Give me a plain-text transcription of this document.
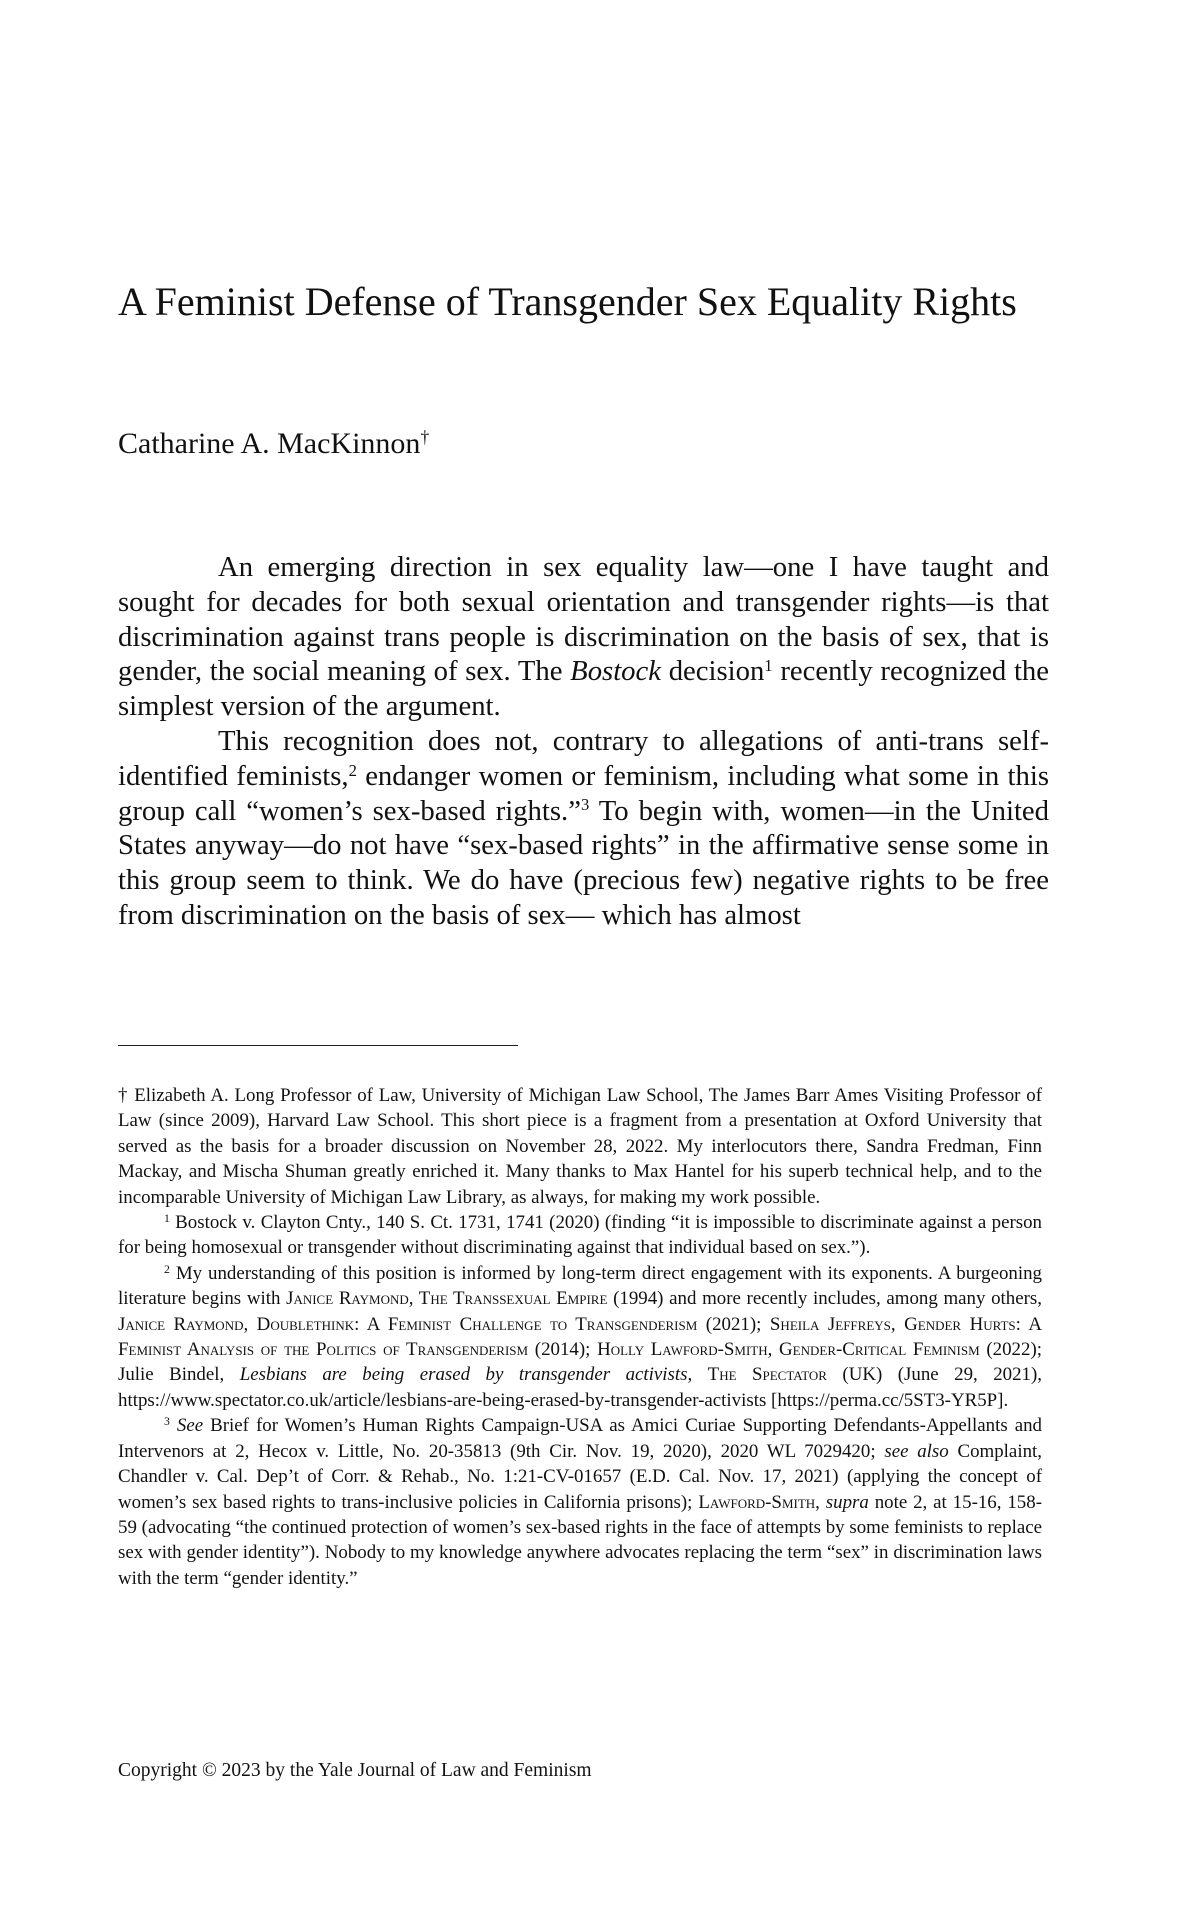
A Feminist Defense of Transgender Sex Equality Rights
Catharine A. MacKinnon†

An emerging direction in sex equality law—one I have taught and sought for decades for both sexual orientation and transgender rights—is that discrimination against trans people is discrimination on the basis of sex, that is gender, the social meaning of sex. The Bostock decision$^1$ recently recognized the simplest version of the argument.

This recognition does not, contrary to allegations of anti-trans self-identified feminists,$^2$ endanger women or feminism, including what some in this group call “women’s sex-based rights.”$^3$ To begin with, women—in the United States anyway—do not have “sex-based rights” in the affirmative sense some in this group seem to think. We do have (precious few) negative rights to be free from discrimination on the basis of sex— which has almost

† Elizabeth A. Long Professor of Law, University of Michigan Law School, The James Barr Ames Visiting Professor of Law (since 2009), Harvard Law School. This short piece is a fragment from a presentation at Oxford University that served as the basis for a broader discussion on November 28, 2022. My interlocutors there, Sandra Fredman, Finn Mackay, and Mischa Shuman greatly enriched it. Many thanks to Max Hantel for his superb technical help, and to the incomparable University of Michigan Law Library, as always, for making my work possible.

$^1$ Bostock v. Clayton Cnty., 140 S. Ct. 1731, 1741 (2020) (finding “it is impossible to discriminate against a person for being homosexual or transgender without discriminating against that individual based on sex.”).

$^2$ My understanding of this position is informed by long-term direct engagement with its exponents. A burgeoning literature begins with Janice Raymond, The Transsexual Empire (1994) and more recently includes, among many others, Janice Raymond, Doublethink: A Feminist Challenge to Transgenderism (2021); Sheila Jeffreys, Gender Hurts: A Feminist Analysis of the Politics of Transgenderism (2014); Holly Lawford-Smith, Gender-Critical Feminism (2022); Julie Bindel, Lesbians are being erased by transgender activists, The Spectator (UK) (June 29, 2021), https://www.spectator.co.uk/article/lesbians-are-being-erased-by-transgender-activists [https://perma.cc/5ST3-YR5P].

$^3$ See Brief for Women’s Human Rights Campaign-USA as Amici Curiae Supporting Defendants-Appellants and Intervenors at 2, Hecox v. Little, No. 20-35813 (9th Cir. Nov. 19, 2020), 2020 WL 7029420; see also Complaint, Chandler v. Cal. Dep’t of Corr. & Rehab., No. 1:21-CV-01657 (E.D. Cal. Nov. 17, 2021) (applying the concept of women’s sex based rights to trans-inclusive policies in California prisons); Lawford-Smith, supra note 2, at 15-16, 158-59 (advocating “the continued protection of women’s sex-based rights in the face of attempts by some feminists to replace sex with gender identity”). Nobody to my knowledge anywhere advocates replacing the term “sex” in discrimination laws with the term “gender identity.”

Copyright © 2023 by the Yale Journal of Law and Feminism
